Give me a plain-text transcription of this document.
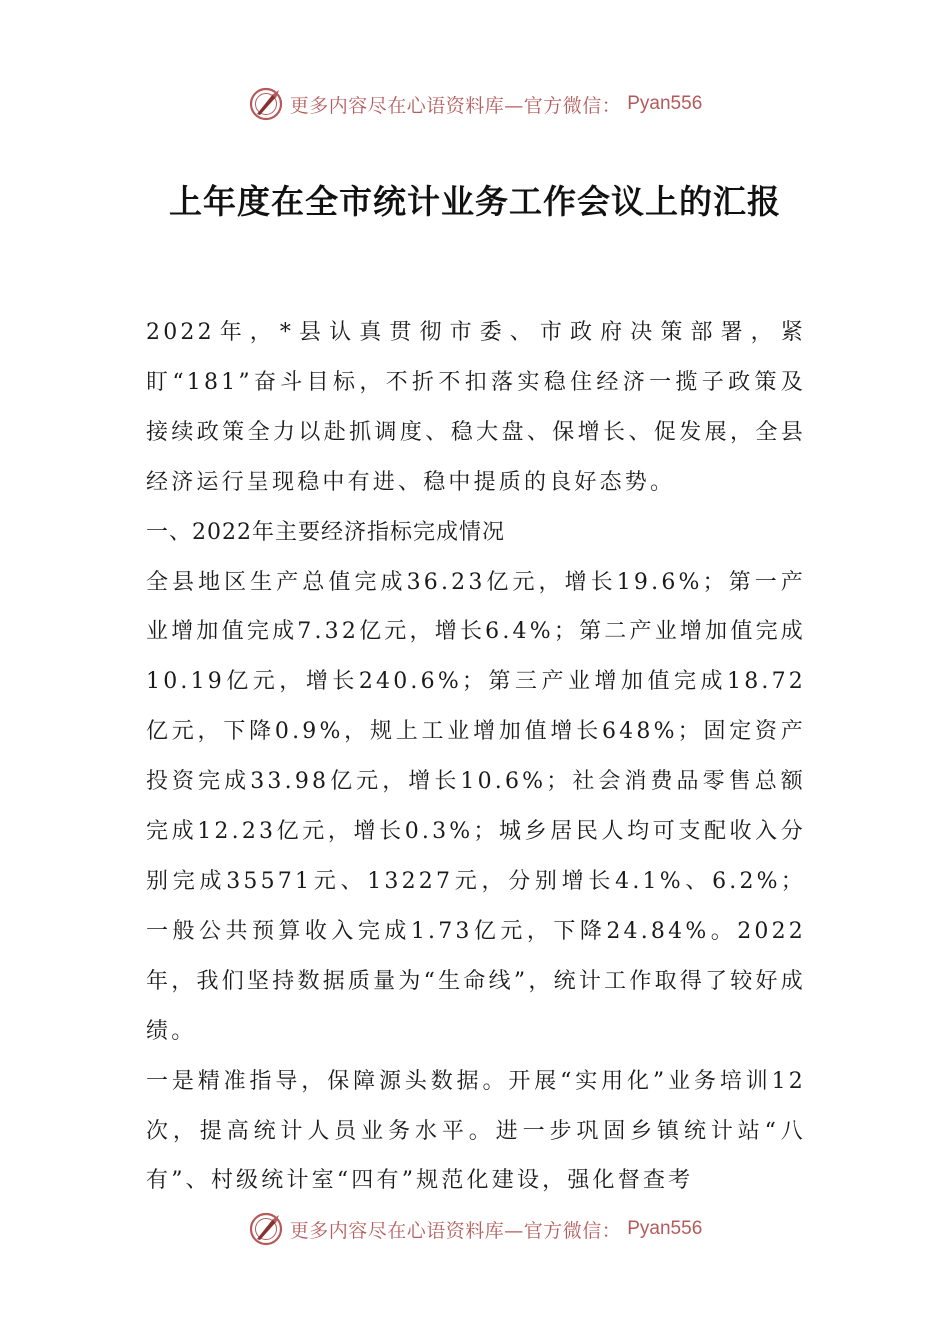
更多内容尽在心语资料库—官方微信： Pyan556
上年度在全市统计业务工作会议上的汇报

2022年，*县认真贯彻市委、市政府决策部署，紧盯“181”奋斗目标，不折不扣落实稳住经济一揽子政策及接续政策全力以赴抓调度、稳大盘、保增长、促发展，全县经济运行呈现稳中有进、稳中提质的良好态势。

一、2022年主要经济指标完成情况

全县地区生产总值完成36.23亿元，增长19.6%；第一产业增加值完成7.32亿元，增长6.4%；第二产业增加值完成10.19亿元，增长240.6%；第三产业增加值完成18.72亿元，下降0.9%，规上工业增加值增长648%；固定资产投资完成33.98亿元，增长10.6%；社会消费品零售总额完成12.23亿元，增长0.3%；城乡居民人均可支配收入分别完成35571元、13227元，分别增长4.1%、6.2%；一般公共预算收入完成1.73亿元，下降24.84%。2022年，我们坚持数据质量为“生命线”，统计工作取得了较好成绩。

一是精准指导，保障源头数据。开展“实用化”业务培训12次，提高统计人员业务水平。进一步巩固乡镇统计站“八有”、村级统计室“四有”规范化建设，强化督查考

更多内容尽在心语资料库—官方微信： Pyan556
